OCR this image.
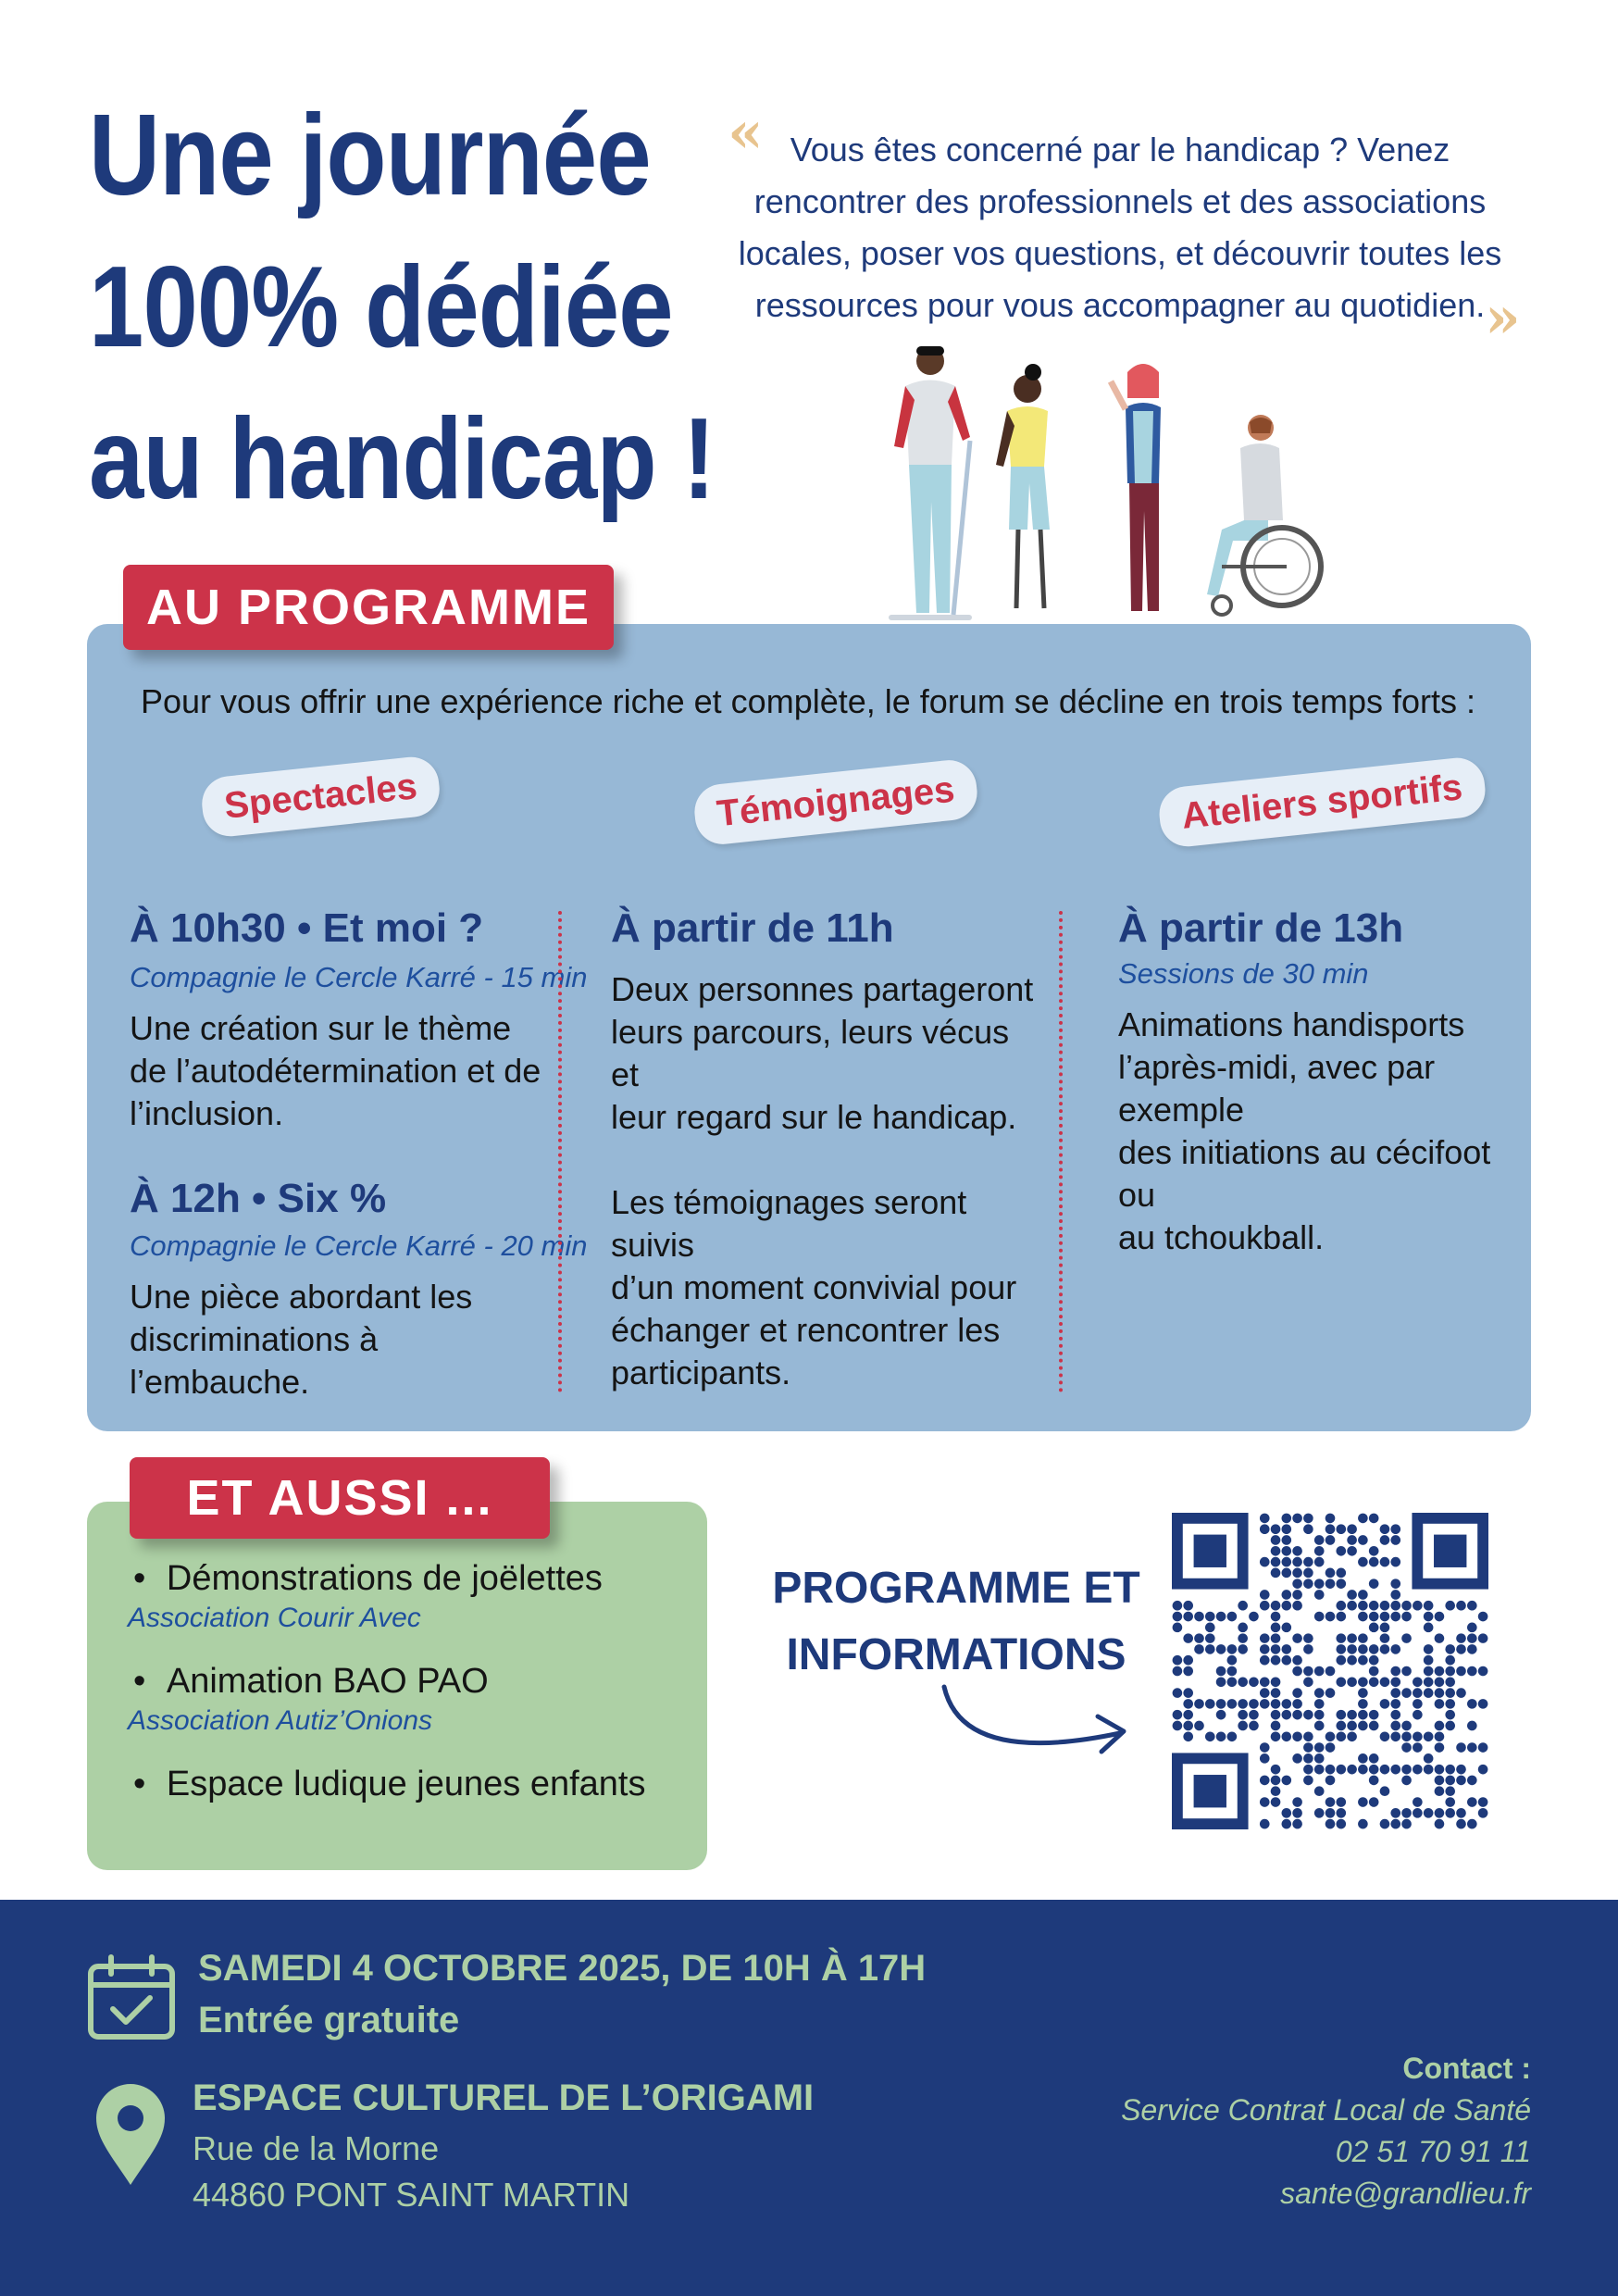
Une journée
100% dédiée
au handicap !
« Vous êtes concerné par le handicap ? Venez rencontrer des professionnels et des associations locales, poser vos questions, et découvrir toutes les ressources pour vous accompagner au quotidien. »
AU PROGRAMME
Pour vous offrir une expérience riche et complète, le forum se décline en trois temps forts :
Spectacles	Témoignages	Ateliers sportifs
À 10h30 • Et moi ?
Compagnie le Cercle Karré - 15 min
Une création sur le thème
de l’autodétermination et de
l’inclusion.
À 12h • Six %
Compagnie le Cercle Karré - 20 min
Une pièce abordant les
discriminations à l’embauche.
À partir de 11h
Deux personnes partageront
leurs parcours, leurs vécus et
leur regard sur le handicap.
Les témoignages seront suivis
d’un moment convivial pour
échanger et rencontrer les
participants.
À partir de 13h
Sessions de 30 min
Animations handisports
l’après-midi, avec par
exemple
des initiations au cécifoot ou
au tchoukball.
ET AUSSI ...
• Démonstrations de joëlettes
Association Courir Avec
• Animation BAO PAO
Association Autiz’Onions
• Espace ludique jeunes enfants
PROGRAMME ET
INFORMATIONS
SAMEDI 4 OCTOBRE 2025, DE 10H À 17H
Entrée gratuite
ESPACE CULTUREL DE L’ORIGAMI
Rue de la Morne
44860 PONT SAINT MARTIN
Contact :
Service Contrat Local de Santé
02 51 70 91 11
sante@grandlieu.fr
